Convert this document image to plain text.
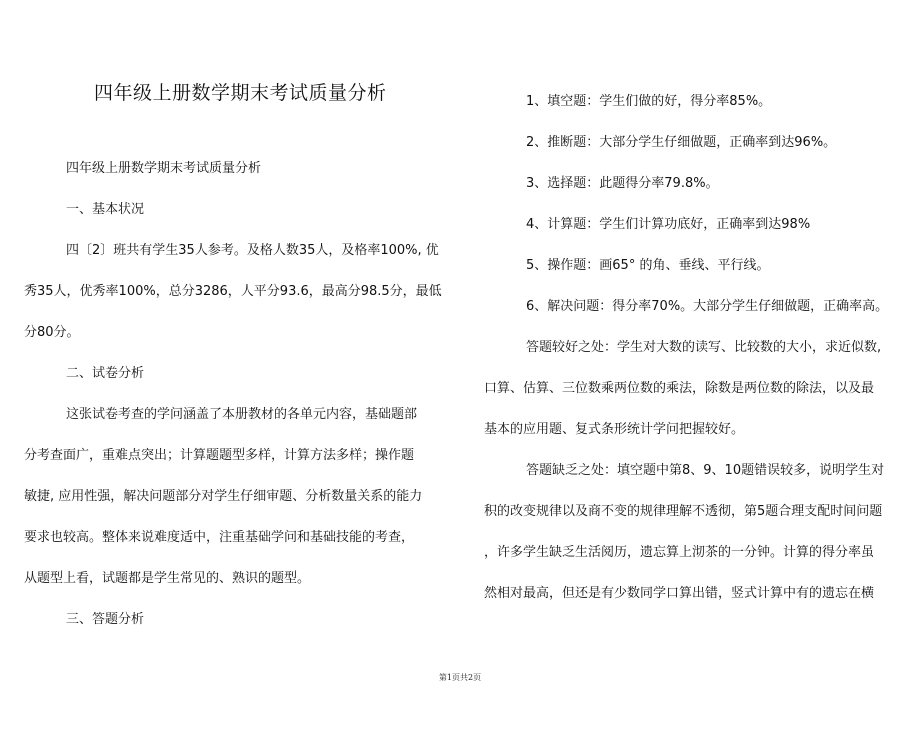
四年级上册数学期末考试质量分析
四年级上册数学期末考试质量分析
一、基本状况
四〔2〕班共有学生35人参考。及格人数35人，及格率100%, 优
秀35人，优秀率100%，总分3286，人平分93.6，最高分98.5分，最低
分80分。
二、试卷分析
这张试卷考查的学问涵盖了本册教材的各单元内容，基础题部
分考查面广，重难点突出；计算题题型多样，计算方法多样；操作题
敏捷, 应用性强，解决问题部分对学生仔细审题、分析数量关系的能力
要求也较高。整体来说难度适中，注重基础学问和基础技能的考查，
从题型上看，试题都是学生常见的、熟识的题型。
三、答题分析
1、填空题：学生们做的好，得分率85%。
2、推断题：大部分学生仔细做题，正确率到达96%。
3、选择题：此题得分率79.8%。
4、计算题：学生们计算功底好，正确率到达98%
5、操作题：画65° 的角、垂线、平行线。
6、解决问题：得分率70%。大部分学生仔细做题，正确率高。
答题较好之处：学生对大数的读写、比较数的大小，求近似数,
口算、估算、三位数乘两位数的乘法，除数是两位数的除法，以及最
基本的应用题、复式条形统计学问把握较好。
答题缺乏之处：填空题中第8、9、10题错误较多，说明学生对
积的改变规律以及商不变的规律理解不透彻，第5题合理支配时间问题
，许多学生缺乏生活阅历，遗忘算上沏茶的一分钟。计算的得分率虽
然相对最高，但还是有少数同学口算出错，竖式计算中有的遗忘在横
第1页共2页
